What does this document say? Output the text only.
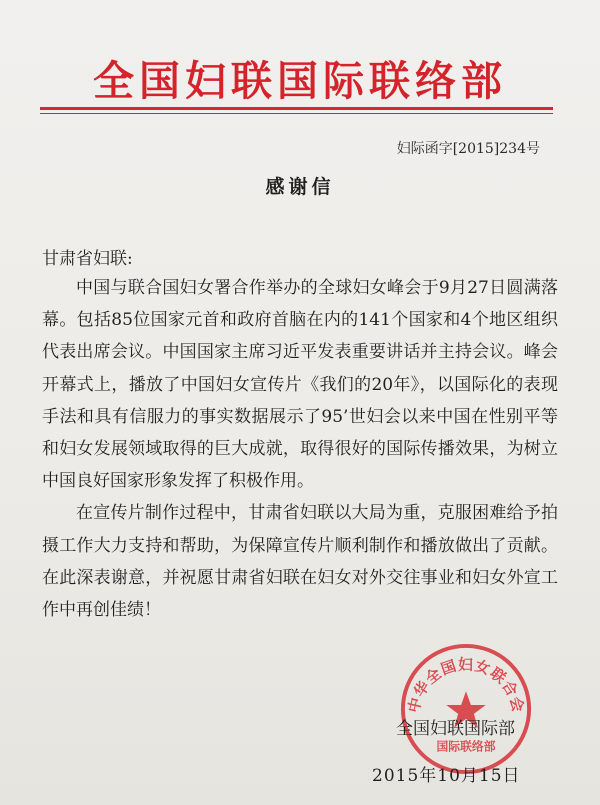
全国妇联国际联络部
妇际函字[2015]234号
感谢信
甘肃省妇联:

中国与联合国妇女署合作举办的全球妇女峰会于9月27日圆满落幕。包括85位国家元首和政府首脑在内的141个国家和4个地区组织代表出席会议。中国国家主席习近平发表重要讲话并主持会议。峰会开幕式上，播放了中国妇女宣传片《我们的20年》，以国际化的表现手法和具有信服力的事实数据展示了95’世妇会以来中国在性别平等和妇女发展领域取得的巨大成就，取得很好的国际传播效果，为树立中国良好国家形象发挥了积极作用。

在宣传片制作过程中，甘肃省妇联以大局为重，克服困难给予拍摄工作大力支持和帮助，为保障宣传片顺利制作和播放做出了贡献。在此深表谢意，并祝愿甘肃省妇联在妇女对外交往事业和妇女外宣工作中再创佳绩！

中华全国妇女联合会
国际联络部
全国妇联国际部
2015年10月15日
